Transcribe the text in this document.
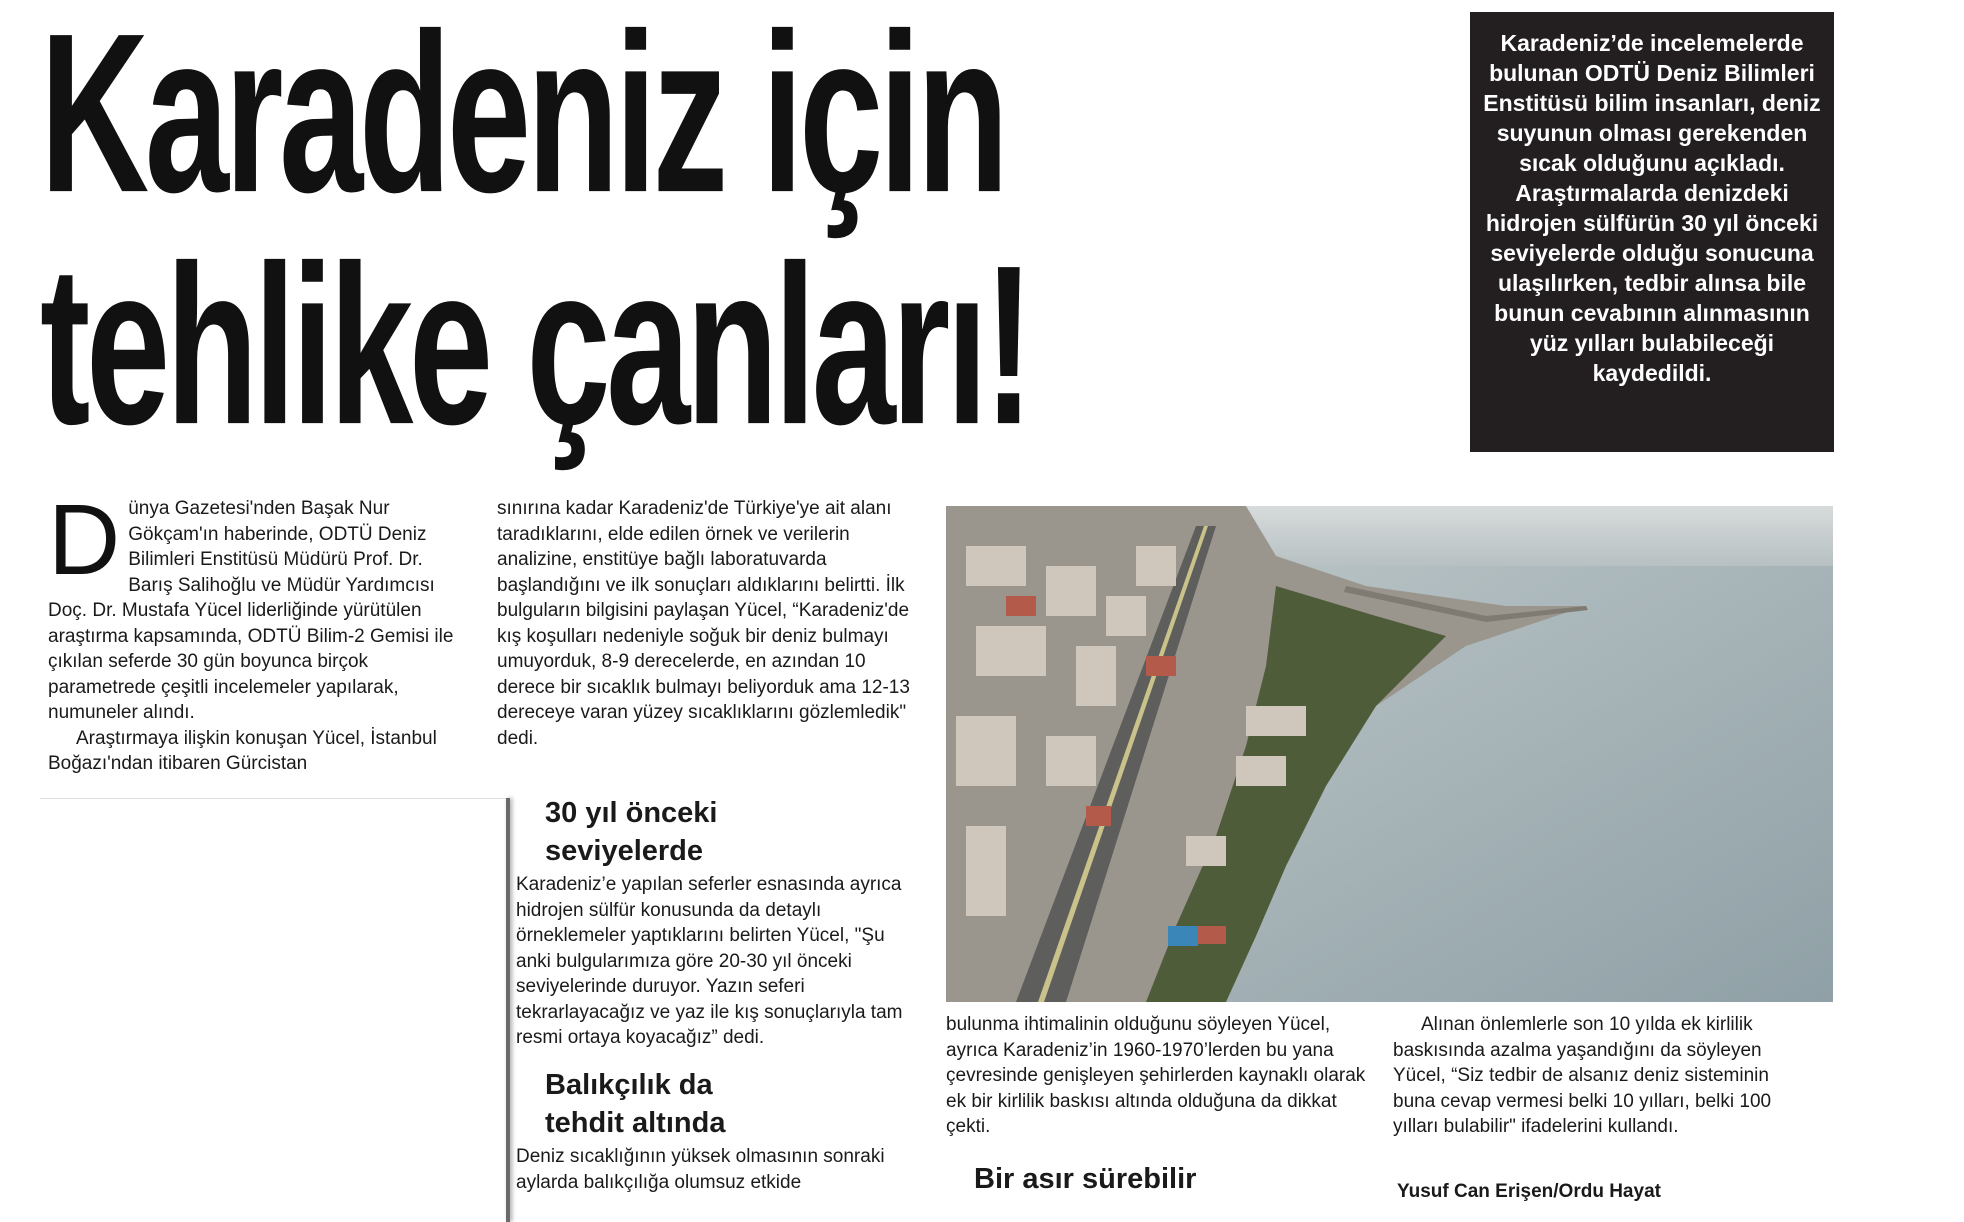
Karadeniz için
tehlike çanları!
Karadeniz’de incelemelerde bulunan ODTÜ Deniz Bilimleri Enstitüsü bilim insanları, deniz suyunun olması gerekenden sıcak olduğunu açıkladı. Araştırmalarda denizdeki hidrojen sülfürün 30 yıl önceki seviyelerde olduğu sonucuna ulaşılırken, tedbir alınsa bile bunun cevabının alınmasının yüz yılları bulabileceği kaydedildi.

Dünya Gazetesi'nden Başak Nur Gökçam'ın haberinde, ODTÜ Deniz Bilimleri Enstitüsü Müdürü Prof. Dr. Barış Salihoğlu ve Müdür Yardımcısı Doç. Dr. Mustafa Yücel liderliğinde yürütülen araştırma kapsamında, ODTÜ Bilim-2 Gemisi ile çıkılan seferde 30 gün boyunca birçok parametrede çeşitli incelemeler yapılarak, numuneler alındı.

Araştırmaya ilişkin konuşan Yücel, İstanbul Boğazı'ndan itibaren Gürcistan

sınırına kadar Karadeniz'de Türkiye'ye ait alanı taradıklarını, elde edilen örnek ve verilerin analizine, enstitüye bağlı laboratuvarda başlandığını ve ilk sonuçları aldıklarını belirtti. İlk bulguların bilgisini paylaşan Yücel, “Karadeniz'de kış koşulları nedeniyle soğuk bir deniz bulmayı umuyorduk, 8-9 derecelerde, en azından 10 derece bir sıcaklık bulmayı beliyorduk ama 12-13 dereceye varan yüzey sıcaklıklarını gözlemledik" dedi.

30 yıl önceki seviyelerde

Karadeniz’e yapılan seferler esnasında ayrıca hidrojen sülfür konusunda da detaylı örneklemeler yaptıklarını belirten Yücel, "Şu anki bulgularımıza göre 20-30 yıl önceki seviyelerinde duruyor. Yazın seferi tekrarlayacağız ve yaz ile kış sonuçlarıyla tam resmi ortaya koyacağız” dedi.

Balıkçılık da tehdit altında

Deniz sıcaklığının yüksek olmasının sonraki aylarda balıkçılığa olumsuz etkide

bulunma ihtimalinin olduğunu söyleyen Yücel, ayrıca Karadeniz’in 1960-1970’lerden bu yana çevresinde genişleyen şehirlerden kaynaklı olarak ek bir kirlilik baskısı altında olduğuna da dikkat çekti.

Bir asır sürebilir

Alınan önlemlerle son 10 yılda ek kirlilik baskısında azalma yaşandığını da söyleyen Yücel, “Siz tedbir de alsanız deniz sisteminin buna cevap vermesi belki 10 yılları, belki 100 yılları bulabilir" ifadelerini kullandı.

Yusuf Can Erişen/Ordu Hayat
